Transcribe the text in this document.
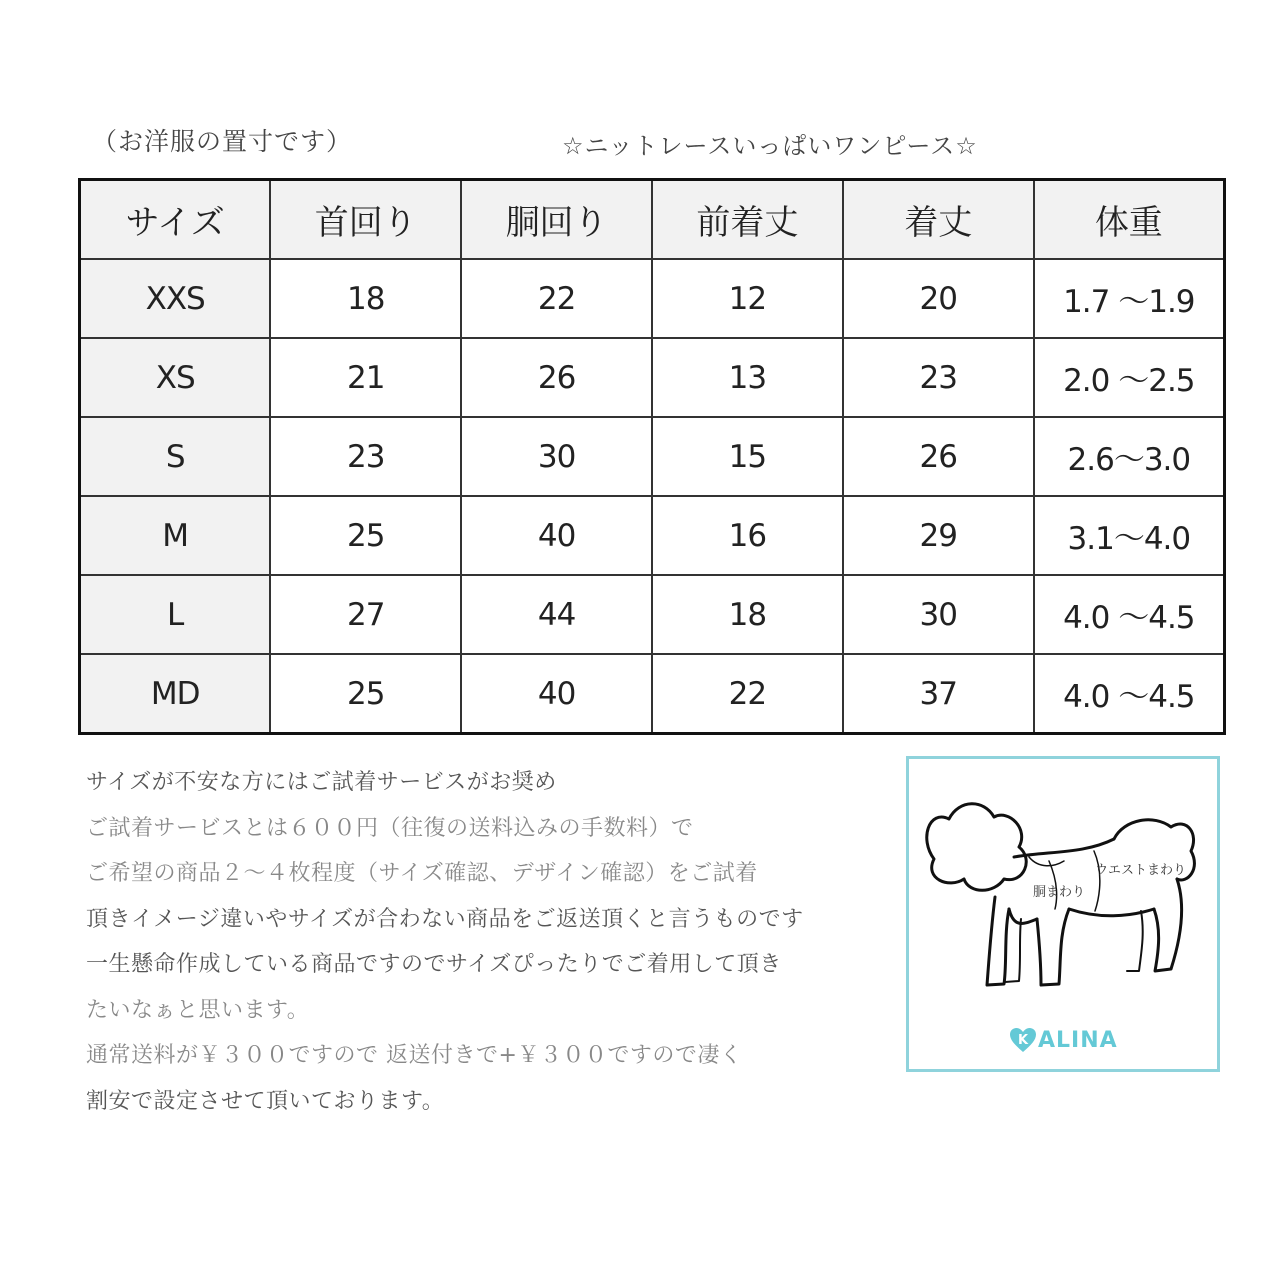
（お洋服の置寸です）	☆ニットレースいっぱいワンピース☆
サイズ	首回り	胴回り	前着丈	着丈	体重
XXS	18	22	12	20	1.7 ～1.9
XS	21	26	13	23	2.0 ～2.5
S	23	30	15	26	2.6～3.0
M	25	40	16	29	3.1～4.0
L	27	44	18	30	4.0 ～4.5
MD	25	40	22	37	4.0 ～4.5
サイズが不安な方にはご試着サービスがお奨め
ご試着サービスとは６００円（往復の送料込みの手数料）で
ご希望の商品２～４枚程度（サイズ確認、デザイン確認）をご試着
頂きイメージ違いやサイズが合わない商品をご返送頂くと言うものです
一生懸命作成している商品ですのでサイズぴったりでご着用して頂き
たいなぁと思います。
通常送料が￥３００ですので 返送付きで+￥３００ですので凄く
割安で設定させて頂いております。
ウエストまわり
胴まわり
K ALINA
